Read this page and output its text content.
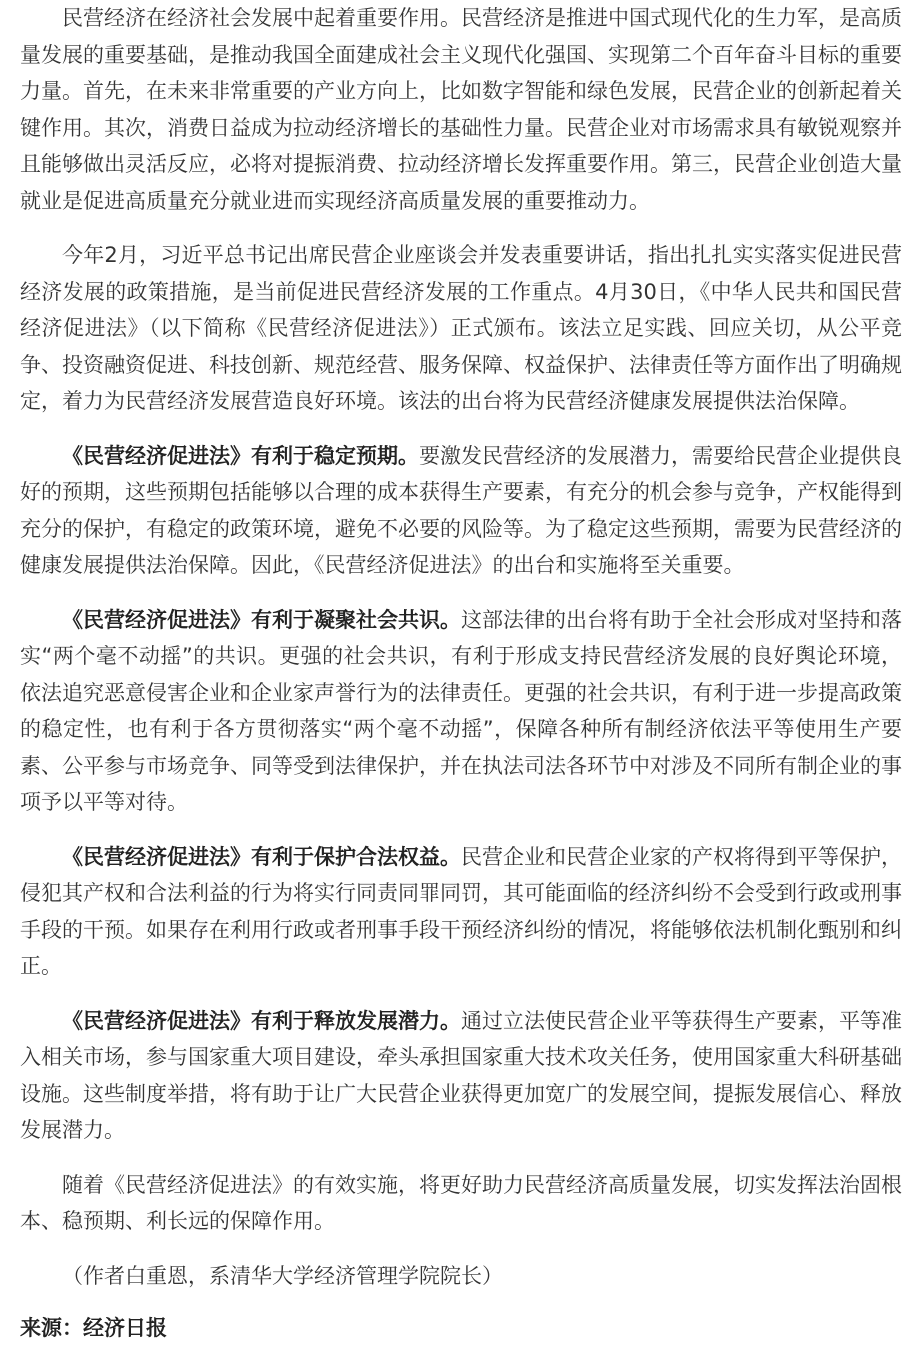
民营经济在经济社会发展中起着重要作用。民营经济是推进中国式现代化的生力军，是高质量发展的重要基础，是推动我国全面建成社会主义现代化强国、实现第二个百年奋斗目标的重要力量。首先，在未来非常重要的产业方向上，比如数字智能和绿色发展，民营企业的创新起着关键作用。其次，消费日益成为拉动经济增长的基础性力量。民营企业对市场需求具有敏锐观察并且能够做出灵活反应，必将对提振消费、拉动经济增长发挥重要作用。第三，民营企业创造大量就业是促进高质量充分就业进而实现经济高质量发展的重要推动力。

今年2月，习近平总书记出席民营企业座谈会并发表重要讲话，指出扎扎实实落实促进民营经济发展的政策措施，是当前促进民营经济发展的工作重点。4月30日，《中华人民共和国民营经济促进法》（以下简称《民营经济促进法》）正式颁布。该法立足实践、回应关切，从公平竞争、投资融资促进、科技创新、规范经营、服务保障、权益保护、法律责任等方面作出了明确规定，着力为民营经济发展营造良好环境。该法的出台将为民营经济健康发展提供法治保障。

《民营经济促进法》有利于稳定预期。要激发民营经济的发展潜力，需要给民营企业提供良好的预期，这些预期包括能够以合理的成本获得生产要素，有充分的机会参与竞争，产权能得到充分的保护，有稳定的政策环境，避免不必要的风险等。为了稳定这些预期，需要为民营经济的健康发展提供法治保障。因此，《民营经济促进法》的出台和实施将至关重要。

《民营经济促进法》有利于凝聚社会共识。这部法律的出台将有助于全社会形成对坚持和落实“两个毫不动摇”的共识。更强的社会共识，有利于形成支持民营经济发展的良好舆论环境，依法追究恶意侵害企业和企业家声誉行为的法律责任。更强的社会共识，有利于进一步提高政策的稳定性，也有利于各方贯彻落实“两个毫不动摇”，保障各种所有制经济依法平等使用生产要素、公平参与市场竞争、同等受到法律保护，并在执法司法各环节中对涉及不同所有制企业的事项予以平等对待。

《民营经济促进法》有利于保护合法权益。民营企业和民营企业家的产权将得到平等保护，侵犯其产权和合法利益的行为将实行同责同罪同罚，其可能面临的经济纠纷不会受到行政或刑事手段的干预。如果存在利用行政或者刑事手段干预经济纠纷的情况，将能够依法机制化甄别和纠正。

《民营经济促进法》有利于释放发展潜力。通过立法使民营企业平等获得生产要素，平等准入相关市场，参与国家重大项目建设，牵头承担国家重大技术攻关任务，使用国家重大科研基础设施。这些制度举措，将有助于让广大民营企业获得更加宽广的发展空间，提振发展信心、释放发展潜力。

随着《民营经济促进法》的有效实施，将更好助力民营经济高质量发展，切实发挥法治固根本、稳预期、利长远的保障作用。

（作者白重恩，系清华大学经济管理学院院长）

来源：经济日报
